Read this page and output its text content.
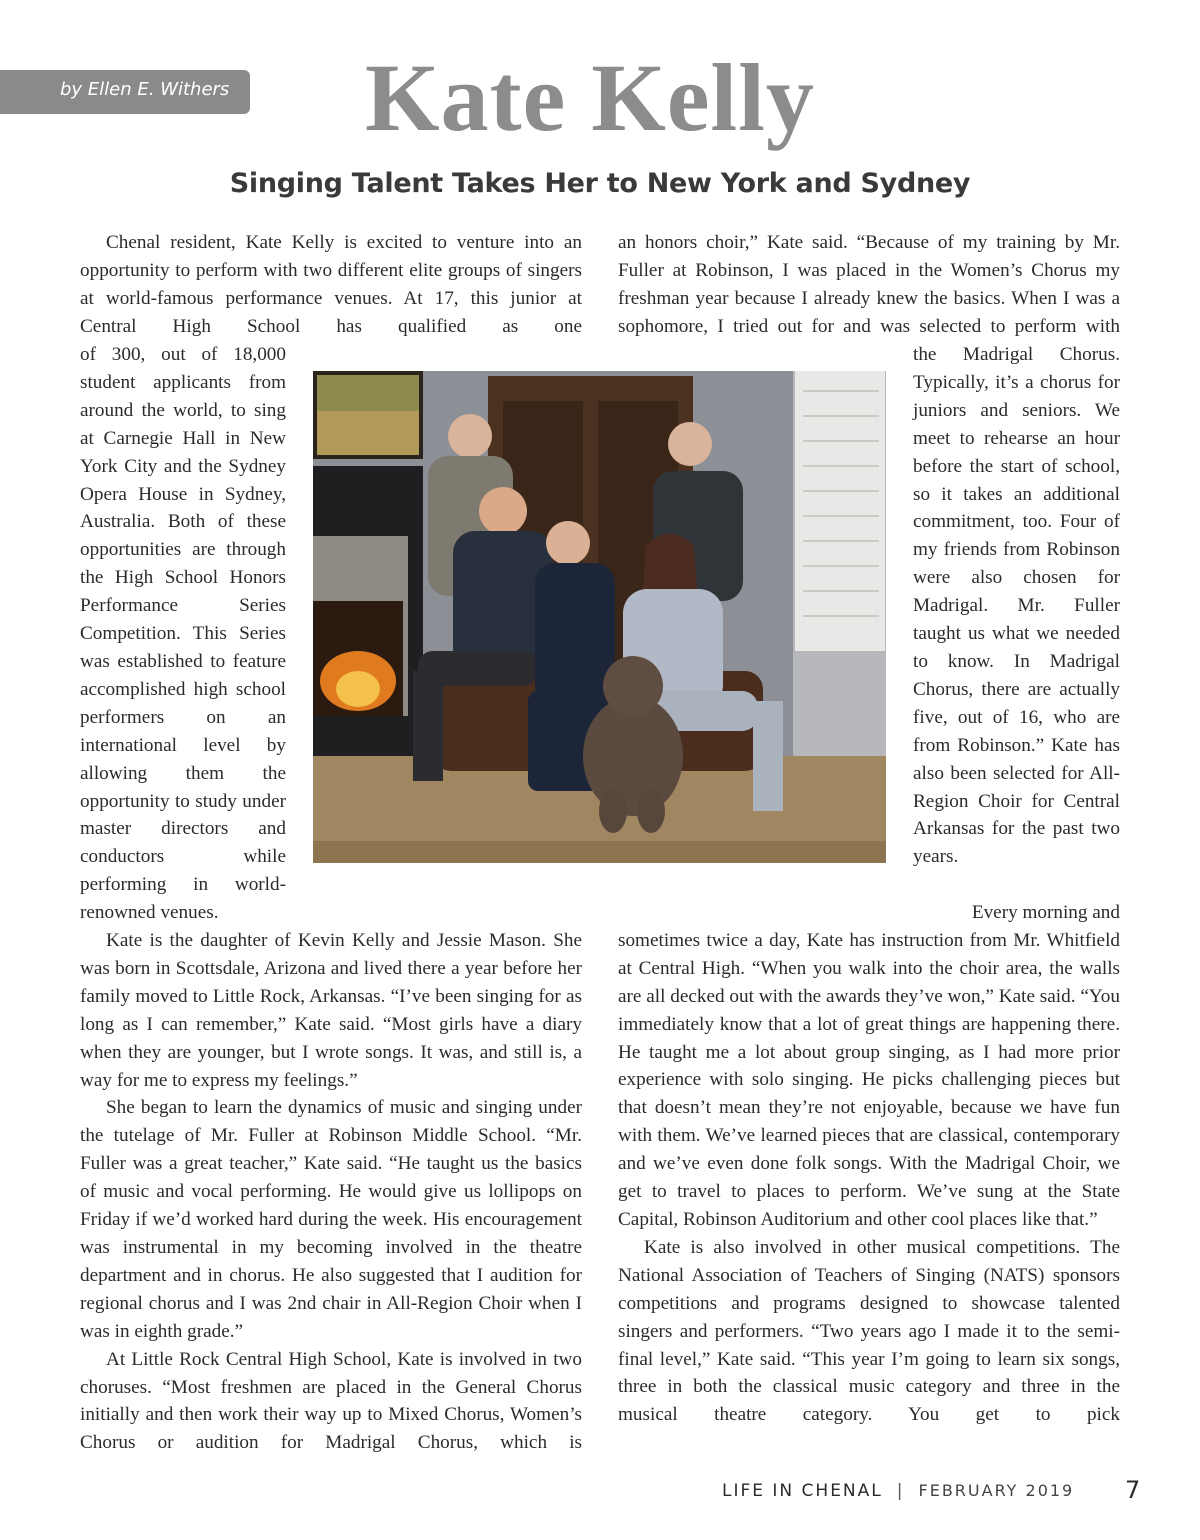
by Ellen E. Withers Kate Kelly
Singing Talent Takes Her to New York and Sydney

Chenal resident, Kate Kelly is excited to venture into an opportunity to perform with two different elite groups of singers at world-famous performance venues. At 17, this junior at Central High School has qualified as one

of 300, out of 18,000 student applicants from around the world, to sing at Carnegie Hall in New York City and the Sydney Opera House in Sydney, Australia. Both of these opportunities are through the High School Honors Performance Series Competition. This Series was established to feature accomplished high school performers on an international level by allowing them the opportunity to study under master directors and conductors while performing in world-

renowned venues.

Kate is the daughter of Kevin Kelly and Jessie Mason. She was born in Scottsdale, Arizona and lived there a year before her family moved to Little Rock, Arkansas. “I’ve been singing for as long as I can remember,” Kate said. “Most girls have a diary when they are younger, but I wrote songs. It was, and still is, a way for me to express my feelings.”

She began to learn the dynamics of music and singing under the tutelage of Mr. Fuller at Robinson Middle School. “Mr. Fuller was a great teacher,” Kate said. “He taught us the basics of music and vocal performing. He would give us lollipops on Friday if we’d worked hard during the week. His encouragement was instrumental in my becoming involved in the theatre department and in chorus. He also suggested that I audition for regional chorus and I was 2nd chair in All-Region Choir when I was in eighth grade.”

At Little Rock Central High School, Kate is involved in two choruses. “Most freshmen are placed in the General Chorus initially and then work their way up to Mixed Chorus, Women’s Chorus or audition for Madrigal Chorus, which is

an honors choir,” Kate said. “Because of my training by Mr. Fuller at Robinson, I was placed in the Women’s Chorus my freshman year because I already knew the basics. When I was a sophomore, I tried out for and was selected to perform with

the Madrigal Chorus. Typically, it’s a chorus for juniors and seniors. We meet to rehearse an hour before the start of school, so it takes an additional commitment, too. Four of my friends from Robinson were also chosen for Madrigal. Mr. Fuller taught us what we needed to know. In Madrigal Chorus, there are actually five, out of 16, who are from Robinson.” Kate has also been selected for All-Region Choir for Central Arkansas for the past two years.

Every morning and

sometimes twice a day, Kate has instruction from Mr. Whitfield at Central High. “When you walk into the choir area, the walls are all decked out with the awards they’ve won,” Kate said. “You immediately know that a lot of great things are happening there. He taught me a lot about group singing, as I had more prior experience with solo singing. He picks challenging pieces but that doesn’t mean they’re not enjoyable, because we have fun with them. We’ve learned pieces that are classical, contemporary and we’ve even done folk songs. With the Madrigal Choir, we get to travel to places to perform. We’ve sung at the State Capital, Robinson Auditorium and other cool places like that.”

Kate is also involved in other musical competitions. The National Association of Teachers of Singing (NATS) sponsors competitions and programs designed to showcase talented singers and performers. “Two years ago I made it to the semi-final level,” Kate said. “This year I’m going to learn six songs, three in both the classical music category and three in the musical theatre category. You get to pick

LIFE IN CHENAL | FEBRUARY 2019 7
